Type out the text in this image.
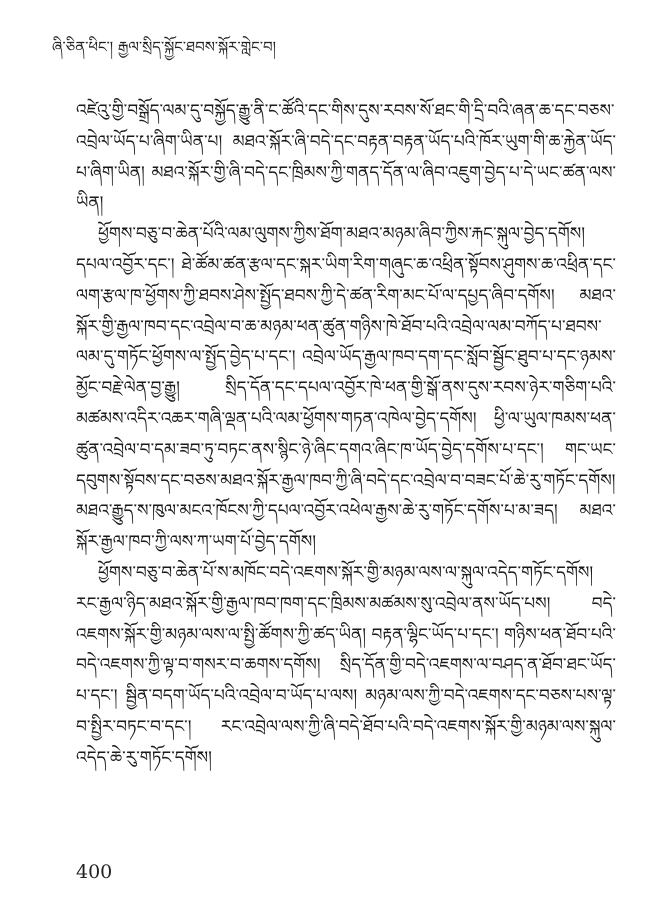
ཞི་ཅིན་ཕིང་། རྒྱལ་སྲིད་སྐྱོང་ཐབས་སྐོར་གླེང་བ།

འཛེའུ་གྱི་བསྒྲོད་ལམ་དུ་བསྐྱོད་རྒྱུ་ནི་ང་ཚོའི་དང་གིས་དུས་རབས་སོ་ཐང་གི་དྲི་བའི་ཞན་ཆ་དང་བཅས་འབྲེལ་ཡོད་པ་ཞིག་ཡིན་པ། མཐའ་སྐོར་ཞི་བདེ་དང་བརྟན་བརྟན་ཡོད་པའི་ཁོར་ཡུག་གི་ཆ་རྐྱེན་ཡོད་པ་ཞིག་ཡིན། མཐའ་སྐོར་གྱི་ཞི་བདེ་དང་ཁྲིམས་ཀྱི་གནད་དོན་ལ་ཞིབ་འཇུག་བྱེད་པ་དེ་ཡང་ཚན་ལས་ཡིན།

ཕྱོགས་བཅུ་བ་ཆེན་པོའི་ལམ་ལུགས་ཀྱིས་ཐོག་མཐའ་མཉམ་ཞིབ་ཀྱིས་རྐང་སྐུལ་བྱེད་དགོས། དཔལ་འབྱོར་དང་། ཐེ་ཚོམ་ཚན་རྩལ་དང་སྐར་ཡིག་རིག་གཞུང་ཆ་འཕྲིན་སྟོབས་ཤུགས་ཆ་འཕྲིན་དང་ལག་རྩལ་ཁ་ཕྱོགས་ཀྱི་ཐབས་ཤེས་སྤྱོད་ཐབས་ཀྱི་དེ་ཚན་རིག་མང་པོ་ལ་དཔྱད་ཞིབ་དགོས། མཐའ་སྐོར་གྱི་རྒྱལ་ཁབ་དང་འབྲེལ་བ་ཆ་མཉམ་ཕན་ཚུན་གཉིས་ཁེ་ཐོབ་པའི་འབྲེལ་ལམ་བཀོད་པ་ཐབས་ལམ་དུ་གཏོང་ཕྱོགས་ལ་སྤྱོད་བྱེད་པ་དང་། འབྲེལ་ཡོད་རྒྱལ་ཁབ་དག་དང་སློབ་སྦྱོང་ཐུབ་པ་དང་ཉམས་མྱོང་བརྗེ་ལེན་བྱ་རྒྱུ། སྲིད་དོན་དང་དཔལ་འབྱོར་ཁེ་ཕན་གྱི་སྒོ་ནས་དུས་རབས་ཉེར་གཅིག་པའི་མཚམས་འདིར་འཆར་གཞི་ལྡན་པའི་ལམ་ཕྱོགས་གཏན་འཁེལ་བྱེད་དགོས། ཕྱི་ལ་ཡུལ་ཁམས་ཕན་ཚུན་འབྲེལ་བ་དམ་ཟབ་ཏུ་བཏང་ནས་སྙིང་ཉེ་ཞིང་དགའ་ཞིང་ཁ་ཡོད་བྱེད་དགོས་པ་དང་། གང་ཡང་དབུགས་སྟོབས་དང་བཅས་མཐའ་སྐོར་རྒྱལ་ཁབ་ཀྱི་ཞི་བདེ་དང་འབྲེལ་བ་བཟང་པོ་ཆེ་རུ་གཏོང་དགོས། མཐའ་རྒྱུད་ས་ཁུལ་མངའ་ཁོངས་ཀྱི་དཔལ་འབྱོར་འཕེལ་རྒྱས་ཆེ་རུ་གཏོང་དགོས་པ་མ་ཟད། མཐའ་སྐོར་རྒྱལ་ཁབ་ཀྱི་ལས་ཀ་ཡག་པོ་བྱེད་དགོས།

ཕྱོགས་བཅུ་བ་ཆེན་པོ་ས་མཁོང་བདེ་འཇགས་སྐོར་གྱི་མཉམ་ལས་ལ་སྐུལ་འདེད་གཏོང་དགོས། རང་རྒྱལ་ཉིད་མཐའ་སྐོར་གྱི་རྒྱལ་ཁབ་ཁག་དང་ཁྲིམས་མཚམས་སུ་འབྲེལ་ནས་ཡོད་པས། བདེ་འཇགས་སྐོར་གྱི་མཉམ་ལས་ལ་སྤྱི་ཚོགས་ཀྱི་ཚད་ཡིན། བརྟན་ལྷིང་ཡོད་པ་དང་། གཉིས་ཕན་ཐོབ་པའི་བདེ་འཇགས་ཀྱི་ལྟ་བ་གསར་བ་ཆགས་དགོས། སྲིད་དོན་གྱི་བདེ་འཇགས་ལ་བཤད་ན་ཐོབ་ཐང་ཡོད་པ་དང་། སྦྱིན་བདག་ཡོད་པའི་འབྲེལ་བ་ཡོད་པ་ལས། མཉམ་ལས་ཀྱི་བདེ་འཇགས་དང་བཅས་པས་ལྟ་བ་སྤྱིར་བཏང་བ་དང་། རང་འབྲེལ་ལས་ཀྱི་ཞི་བདེ་ཐོབ་པའི་བདེ་འཇགས་སྐོར་གྱི་མཉམ་ལས་སྐུལ་འདེད་ཆེ་རུ་གཏོང་དགོས།

400
